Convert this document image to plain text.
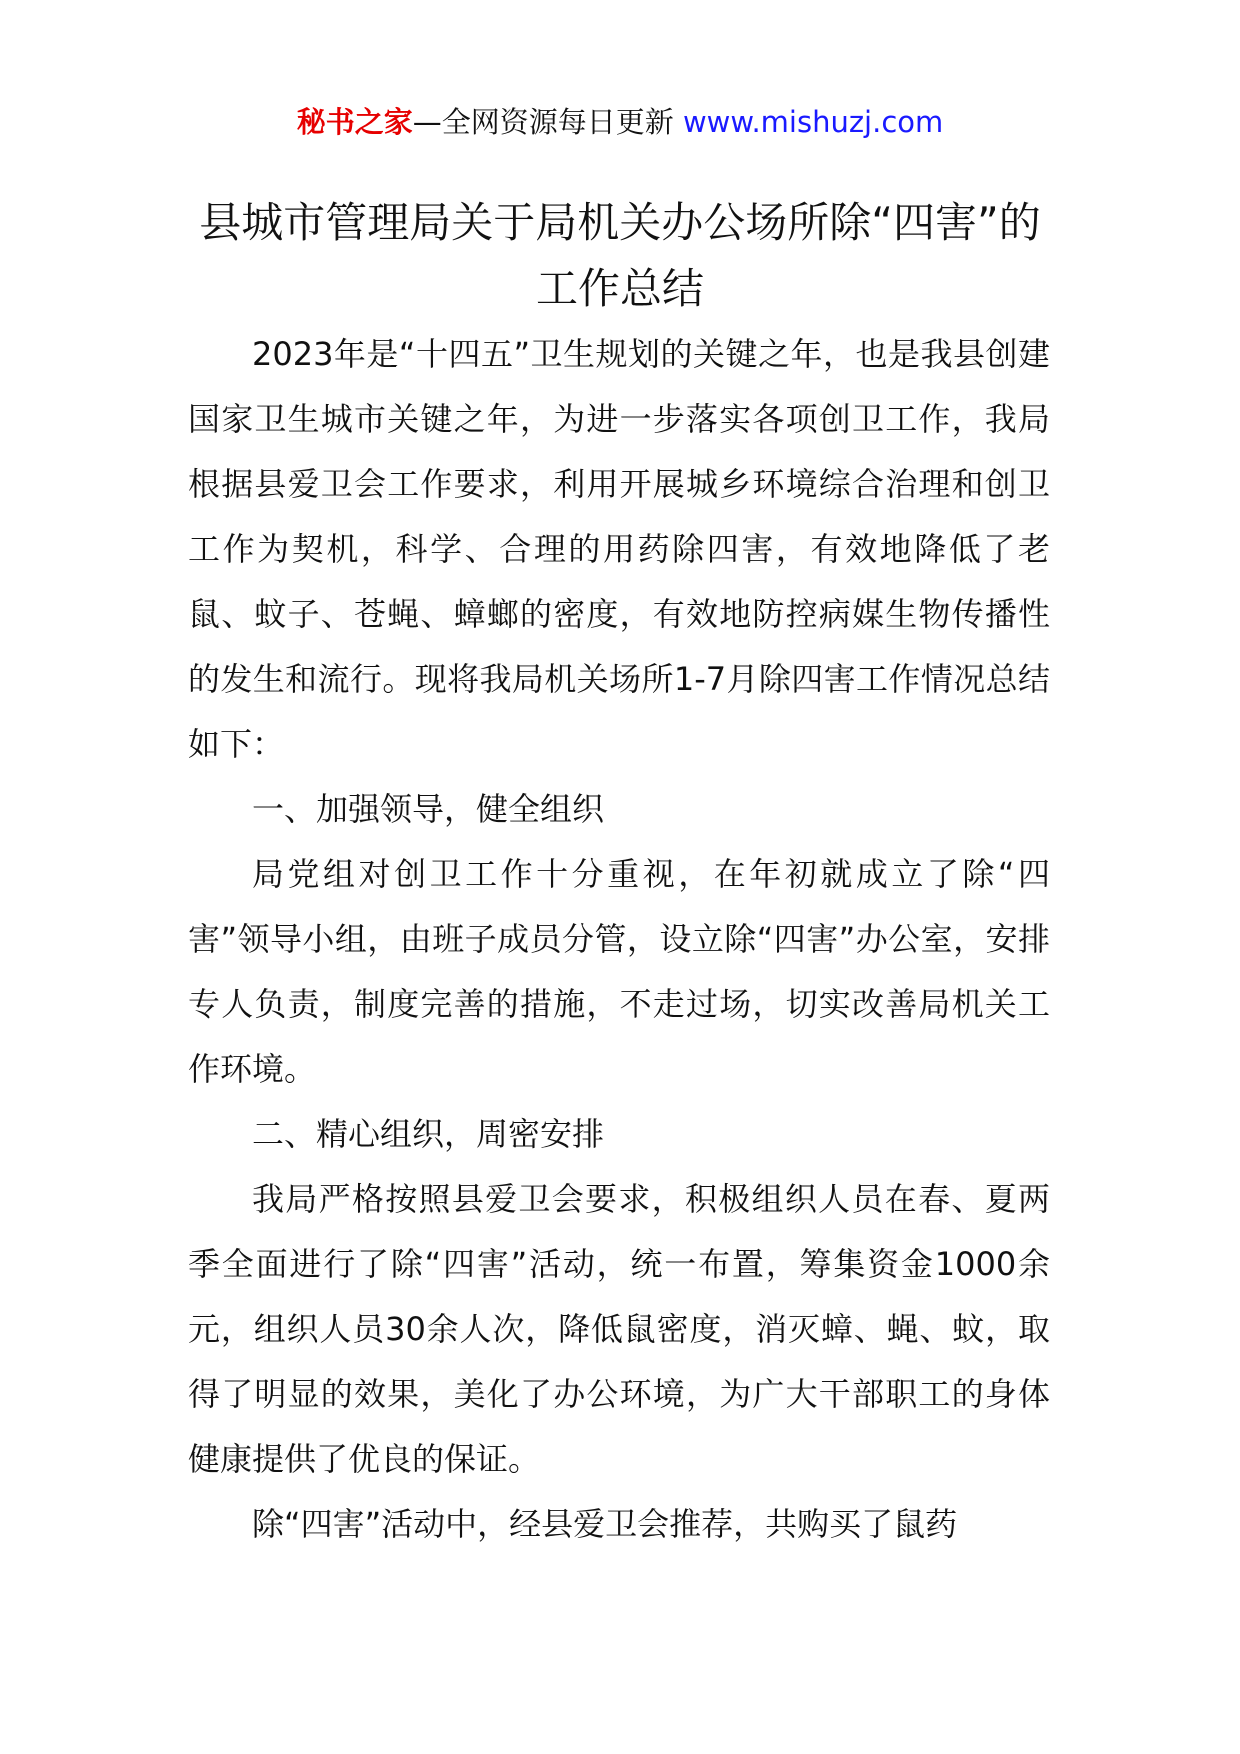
秘书之家—全网资源每日更新 www.mishuzj.com
县城市管理局关于局机关办公场所除“四害”的工作总结

2023年是“十四五”卫生规划的关键之年，也是我县创建国家卫生城市关键之年，为进一步落实各项创卫工作，我局根据县爱卫会工作要求，利用开展城乡环境综合治理和创卫工作为契机，科学、合理的用药除四害，有效地降低了老鼠、蚊子、苍蝇、蟑螂的密度，有效地防控病媒生物传播性的发生和流行。现将我局机关场所1-7月除四害工作情况总结如下：

一、加强领导，健全组织

局党组对创卫工作十分重视，在年初就成立了除“四害”领导小组，由班子成员分管，设立除“四害”办公室，安排专人负责，制度完善的措施，不走过场，切实改善局机关工作环境。

二、精心组织，周密安排

我局严格按照县爱卫会要求，积极组织人员在春、夏两季全面进行了除“四害”活动，统一布置，筹集资金1000余元，组织人员30余人次，降低鼠密度，消灭蟑、蝇、蚊，取得了明显的效果，美化了办公环境，为广大干部职工的身体健康提供了优良的保证。

除“四害”活动中，经县爱卫会推荐，共购买了鼠药
